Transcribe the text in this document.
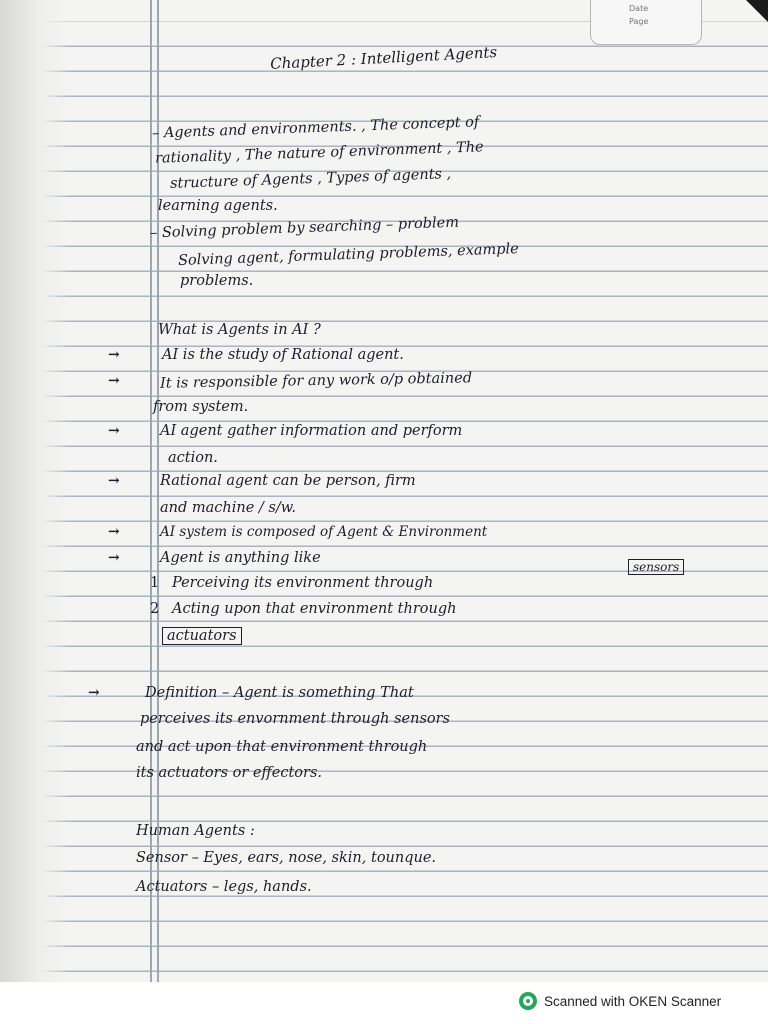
Date
Page
Chapter 2 : Intelligent Agents
– Agents and environments. , The concept of
rationality , The nature of environment , The
structure of Agents , Types of agents ,
learning agents.
– Solving problem by searching – problem
Solving agent, formulating problems, example
problems.
What is Agents in AI ?
→	AI is the study of Rational agent.
→	It is responsible for any work o/p obtained
from system.
→	AI agent gather information and perform
action.
→	Rational agent can be person, firm
and machine / s/w.
→	AI system is composed of Agent & Environment
→	Agent is anything like
1 Perceiving its environment through
sensors
2 Acting upon that environment through
actuators
→	Definition – Agent is something That
perceives its envornment through sensors
and act upon that environment through
its actuators or effectors.
Human Agents :
Sensor – Eyes, ears, nose, skin, tounque.
Actuators – legs, hands.
Scanned with OKEN Scanner
